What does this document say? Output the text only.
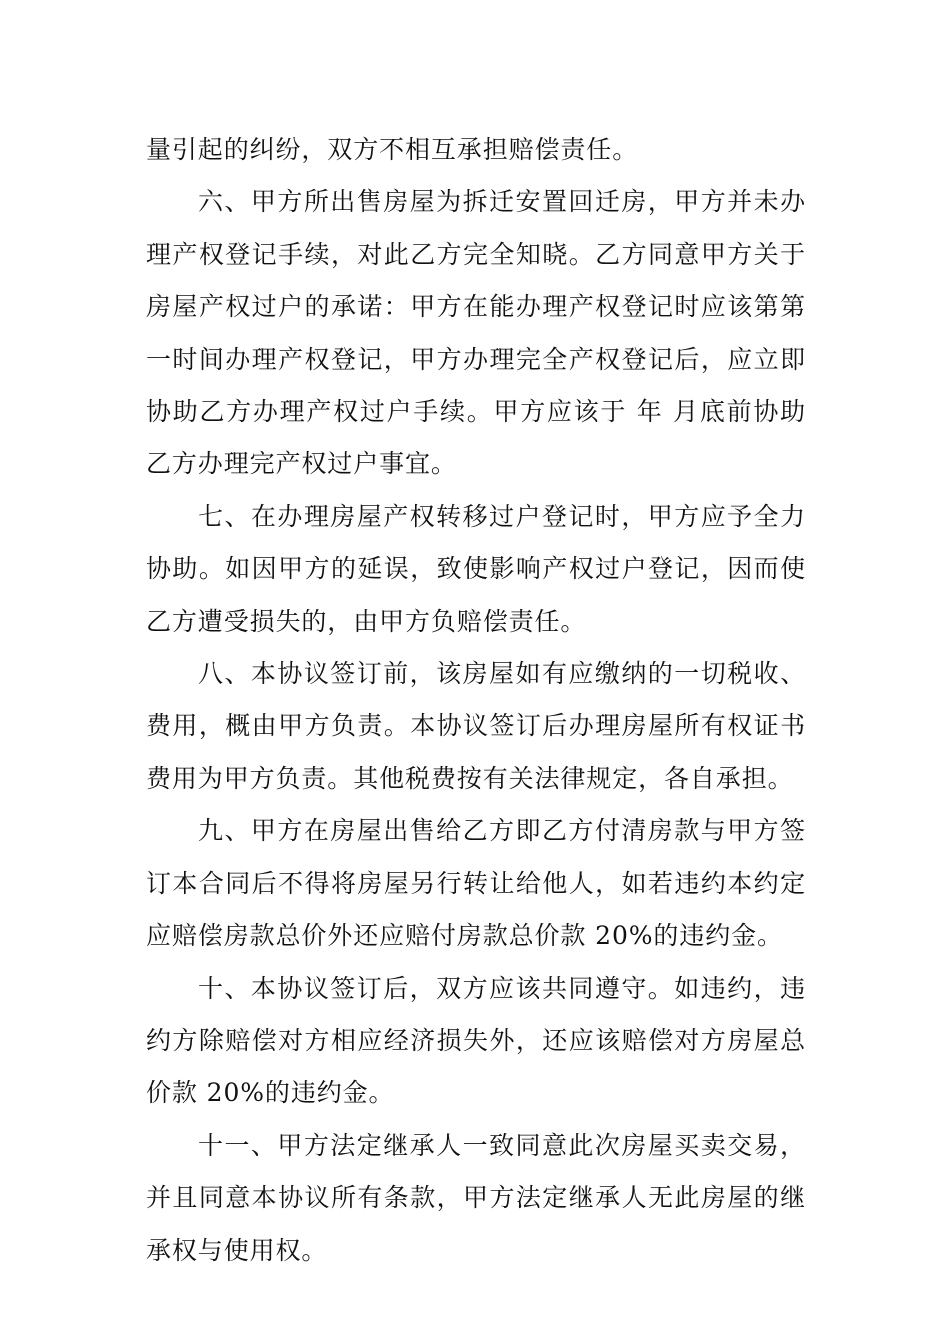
量引起的纠纷，双方不相互承担赔偿责任。

六、甲方所出售房屋为拆迁安置回迁房，甲方并未办理产权登记手续，对此乙方完全知晓。乙方同意甲方关于房屋产权过户的承诺：甲方在能办理产权登记时应该第第一时间办理产权登记，甲方办理完全产权登记后，应立即协助乙方办理产权过户手续。甲方应该于 年 月底前协助乙方办理完产权过户事宜。

七、在办理房屋产权转移过户登记时，甲方应予全力协助。如因甲方的延误，致使影响产权过户登记，因而使乙方遭受损失的，由甲方负赔偿责任。

八、本协议签订前，该房屋如有应缴纳的一切税收、费用，概由甲方负责。本协议签订后办理房屋所有权证书费用为甲方负责。其他税费按有关法律规定，各自承担。

九、甲方在房屋出售给乙方即乙方付清房款与甲方签订本合同后不得将房屋另行转让给他人，如若违约本约定应赔偿房款总价外还应赔付房款总价款 20%的违约金。

十、本协议签订后，双方应该共同遵守。如违约，违约方除赔偿对方相应经济损失外，还应该赔偿对方房屋总价款 20%的违约金。

十一、甲方法定继承人一致同意此次房屋买卖交易，并且同意本协议所有条款，甲方法定继承人无此房屋的继承权与使用权。
